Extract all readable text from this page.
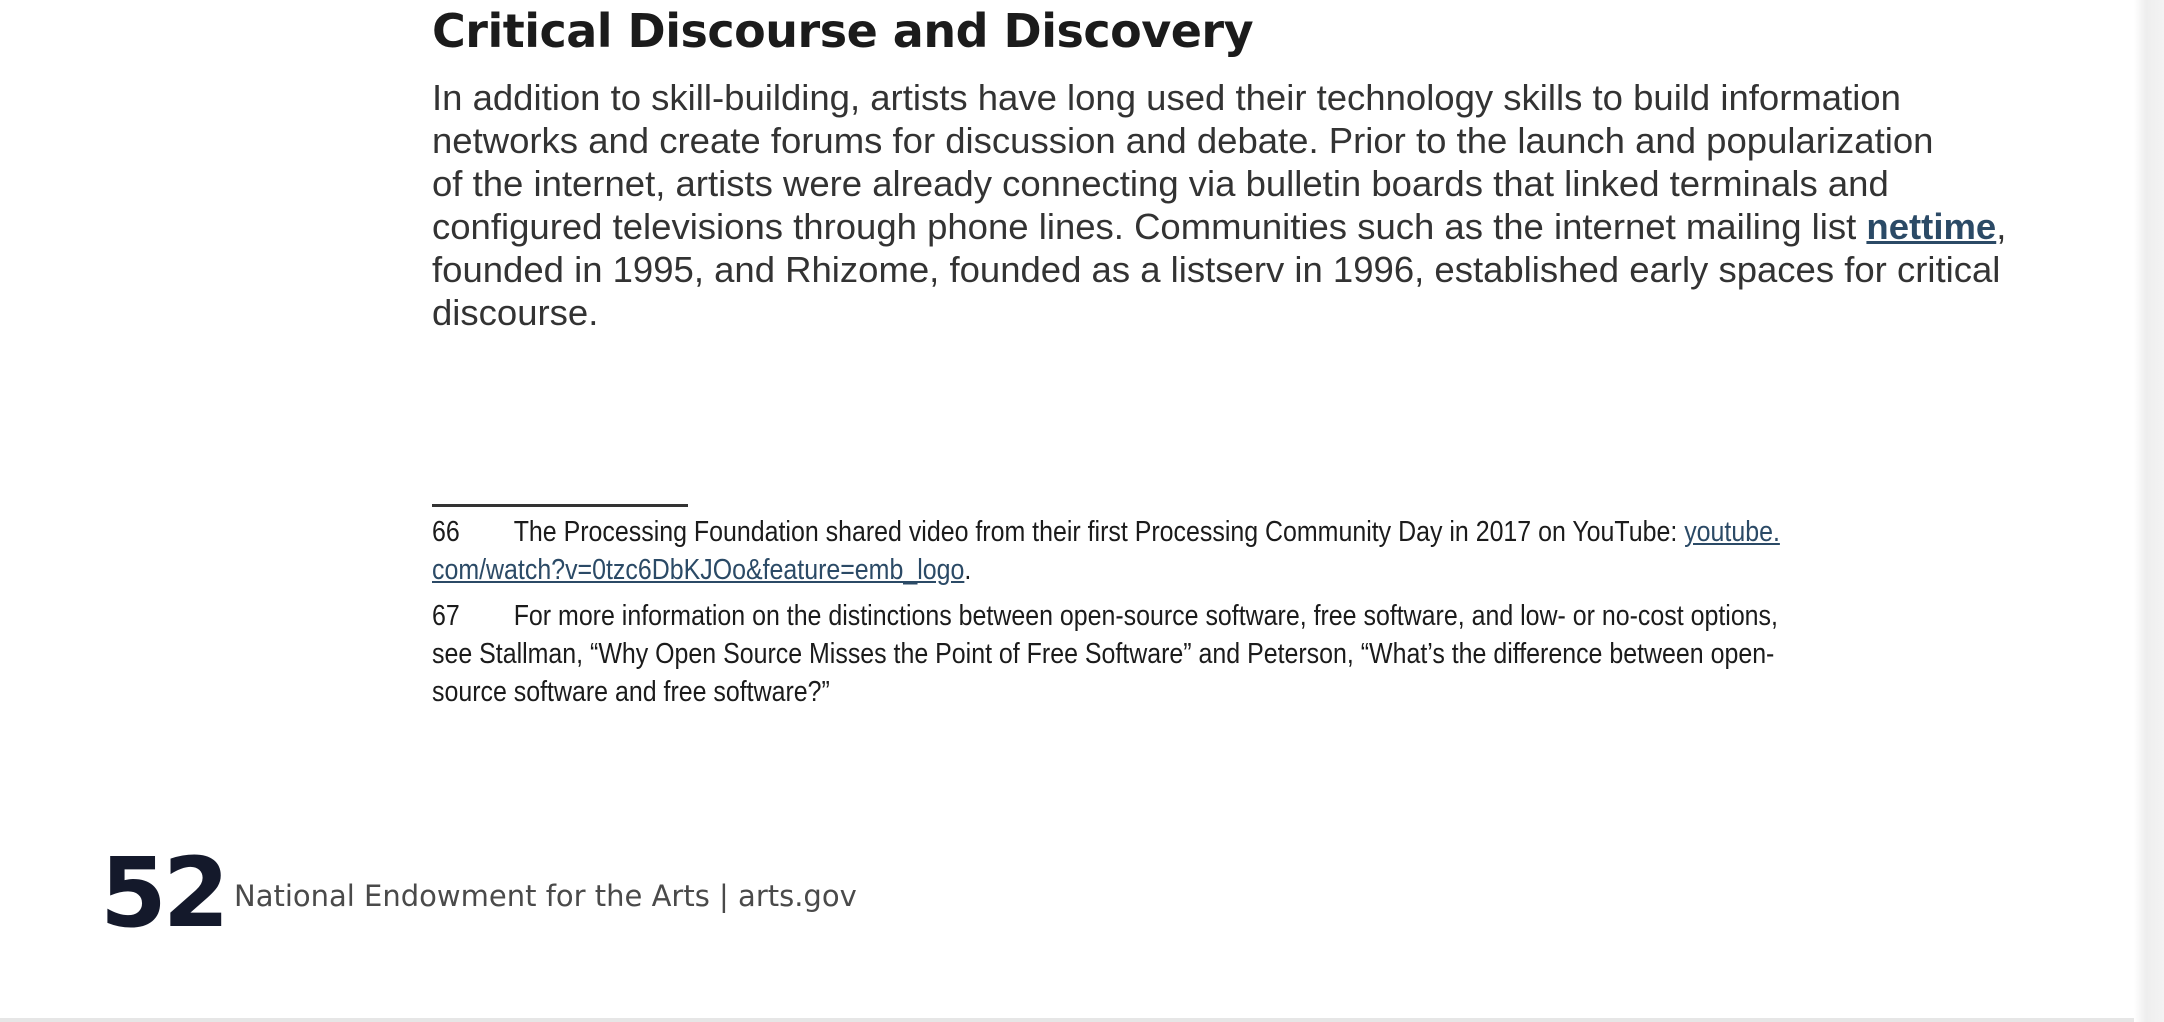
Critical Discourse and Discovery

In addition to skill-building, artists have long used their technology skills to build information
networks and create forums for discussion and debate. Prior to the launch and popularization
of the internet, artists were already connecting via bulletin boards that linked terminals and
configured televisions through phone lines. Communities such as the internet mailing list nettime,
founded in 1995, and Rhizome, founded as a listserv in 1996, established early spaces for critical
discourse.

66 The Processing Foundation shared video from their first Processing Community Day in 2017 on YouTube: youtube.
com/watch?v=0tzc6DbKJOo&feature=emb_logo.

67 For more information on the distinctions between open-source software, free software, and low- or no-cost options,
see Stallman, “Why Open Source Misses the Point of Free Software” and Peterson, “What’s the difference between open-
source software and free software?”

52 National Endowment for the Arts | arts.gov
